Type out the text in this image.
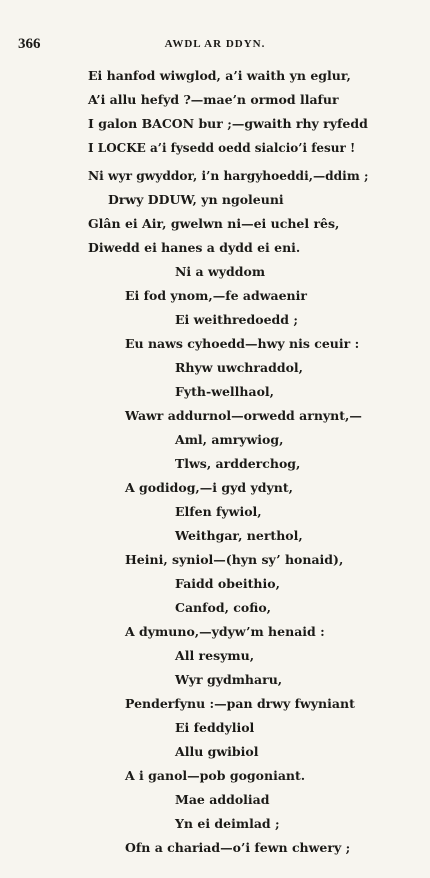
366	AWDL AR DDYN.
Ei hanfod wiwglod, a’i waith yn eglur,
A’i allu hefyd ?—mae’n ormod llafur
I galon BACON bur ;—gwaith rhy ryfedd
I LOCKE a’i fysedd oedd sialcio’i fesur !
Ni wyr gwyddor, i’n hargyhoeddi,—ddim ;
Drwy DDUW, yn ngoleuni
Glân ei Air, gwelwn ni—ei uchel rês,
Diwedd ei hanes a dydd ei eni.
Ni a wyddom
Ei fod ynom,—fe adwaenir
Ei weithredoedd ;
Eu naws cyhoedd—hwy nis ceuir :
Rhyw uwchraddol,
Fyth-wellhaol,
Wawr addurnol—orwedd arnynt,—
Aml, amrywiog,
Tlws, ardderchog,
A godidog,—i gyd ydynt,
Elfen fywiol,
Weithgar, nerthol,
Heini, syniol—(hyn sy’ honaid),
Faidd obeithio,
Canfod, cofio,
A dymuno,—ydyw’m henaid :
All resymu,
Wyr gydmharu,
Penderfynu :—pan drwy fwyniant
Ei feddyliol
Allu gwibiol
A i ganol—pob gogoniant.
Mae addoliad
Yn ei deimlad ;
Ofn a chariad—o’i fewn chwery ;
